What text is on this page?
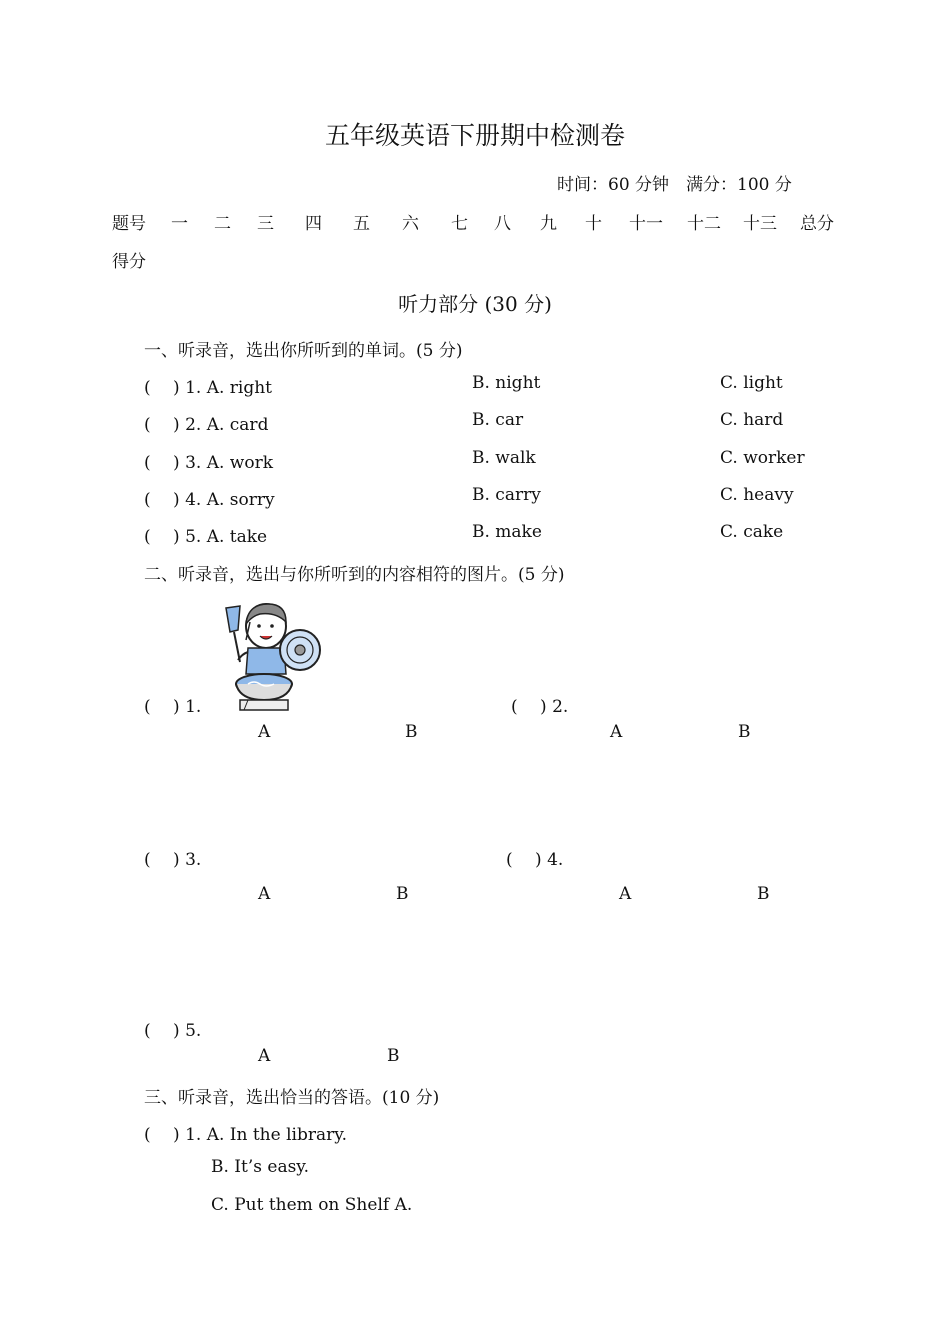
五年级英语下册期中检测卷
时间：60 分钟　满分：100 分
题号 一 二 三 四 五 六 七 八 九 十 十一 十二 十三 总分
得分
听力部分 (30 分)
一、听录音，选出你所听到的单词。(5 分)
(　 ) 1. A. right	B. night	C. light
(　 ) 2. A. card	B. car	C. hard
(　 ) 3. A. work	B. walk	C. worker
(　 ) 4. A. sorry	B. carry	C. heavy
(　 ) 5. A. take	B. make	C. cake
二、听录音，选出与你所听到的内容相符的图片。(5 分)
(　 ) 1.	(　 ) 2.
A	B	A	B
(　 ) 3.	(　 ) 4.
A	B	A	B
(　 ) 5.
A	B
三、听录音，选出恰当的答语。(10 分)
(　 ) 1. A. In the library.
B. It’s easy.
C. Put them on Shelf A.
